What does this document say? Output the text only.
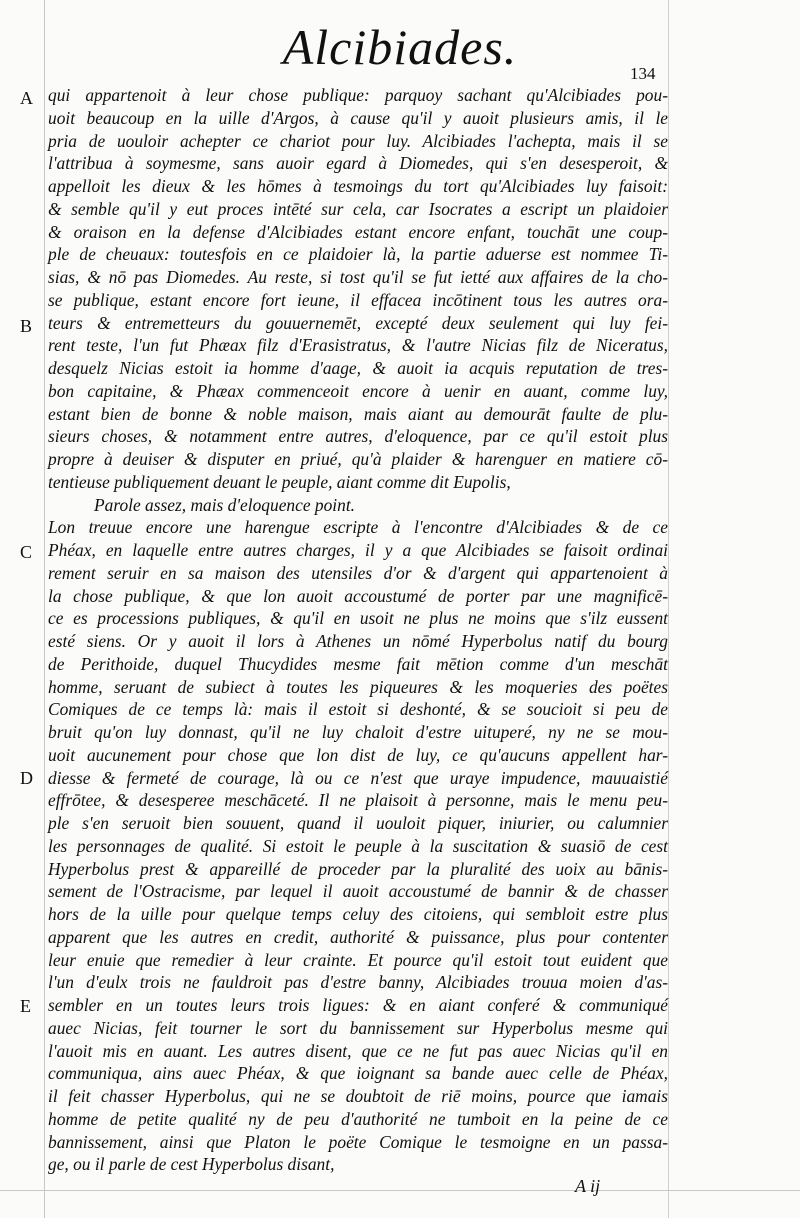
Alcibiades.	134
A
B
C
D
E
qui appartenoit à leur chose publique: parquoy sachant qu'Alcibiades pou-
uoit beaucoup en la uille d'Argos, à cause qu'il y auoit plusieurs amis, il le
pria de uouloir achepter ce chariot pour luy. Alcibiades l'achepta, mais il se
l'attribua à soymesme, sans auoir egard à Diomedes, qui s'en desesperoit, &
appelloit les dieux & les hōmes à tesmoings du tort qu'Alcibiades luy faisoit:
& semble qu'il y eut proces intēté sur cela, car Isocrates a escript un plaidoier
& oraison en la defense d'Alcibiades estant encore enfant, touchāt une coup-
ple de cheuaux: toutesfois en ce plaidoier là, la partie aduerse est nommee Ti-
sias, & nō pas Diomedes. Au reste, si tost qu'il se fut ietté aux affaires de la cho-
se publique, estant encore fort ieune, il effacea incōtinent tous les autres ora-
teurs & entremetteurs du gouuernemēt, excepté deux seulement qui luy fei-
rent teste, l'un fut Phæax filz d'Erasistratus, & l'autre Nicias filz de Niceratus,
desquelz Nicias estoit ia homme d'aage, & auoit ia acquis reputation de tres-
bon capitaine, & Phæax commenceoit encore à uenir en auant, comme luy,
estant bien de bonne & noble maison, mais aiant au demourāt faulte de plu-
sieurs choses, & notamment entre autres, d'eloquence, par ce qu'il estoit plus
propre à deuiser & disputer en priué, qu'à plaider & harenguer en matiere cō-
tentieuse publiquement deuant le peuple, aiant comme dit Eupolis,
Parole assez, mais d'eloquence point.
Lon treuue encore une harengue escripte à l'encontre d'Alcibiades & de ce
Phéax, en laquelle entre autres charges, il y a que Alcibiades se faisoit ordinai
rement seruir en sa maison des utensiles d'or & d'argent qui appartenoient à
la chose publique, & que lon auoit accoustumé de porter par une magnificē-
ce es processions publiques, & qu'il en usoit ne plus ne moins que s'ilz eussent
esté siens. Or y auoit il lors à Athenes un nōmé Hyperbolus natif du bourg
de Perithoide, duquel Thucydides mesme fait mētion comme d'un meschāt
homme, seruant de subiect à toutes les piqueures & les moqueries des poëtes
Comiques de ce temps là: mais il estoit si deshonté, & se soucioit si peu de
bruit qu'on luy donnast, qu'il ne luy chaloit d'estre uituperé, ny ne se mou-
uoit aucunement pour chose que lon dist de luy, ce qu'aucuns appellent har-
diesse & fermeté de courage, là ou ce n'est que uraye impudence, mauuaistié
effrōtee, & desesperee meschāceté. Il ne plaisoit à personne, mais le menu peu-
ple s'en seruoit bien souuent, quand il uouloit piquer, iniurier, ou calumnier
les personnages de qualité. Si estoit le peuple à la suscitation & suasiō de cest
Hyperbolus prest & appareillé de proceder par la pluralité des uoix au bānis-
sement de l'Ostracisme, par lequel il auoit accoustumé de bannir & de chasser
hors de la uille pour quelque temps celuy des citoiens, qui sembloit estre plus
apparent que les autres en credit, authorité & puissance, plus pour contenter
leur enuie que remedier à leur crainte. Et pource qu'il estoit tout euident que
l'un d'eulx trois ne fauldroit pas d'estre banny, Alcibiades trouua moien d'as-
sembler en un toutes leurs trois ligues: & en aiant conferé & communiqué
auec Nicias, feit tourner le sort du bannissement sur Hyperbolus mesme qui
l'auoit mis en auant. Les autres disent, que ce ne fut pas auec Nicias qu'il en
communiqua, ains auec Phéax, & que ioignant sa bande auec celle de Phéax,
il feit chasser Hyperbolus, qui ne se doubtoit de riē moins, pource que iamais
homme de petite qualité ny de peu d'authorité ne tumboit en la peine de ce
bannissement, ainsi que Platon le poëte Comique le tesmoigne en un passa-
ge, ou il parle de cest Hyperbolus disant,
A ij
